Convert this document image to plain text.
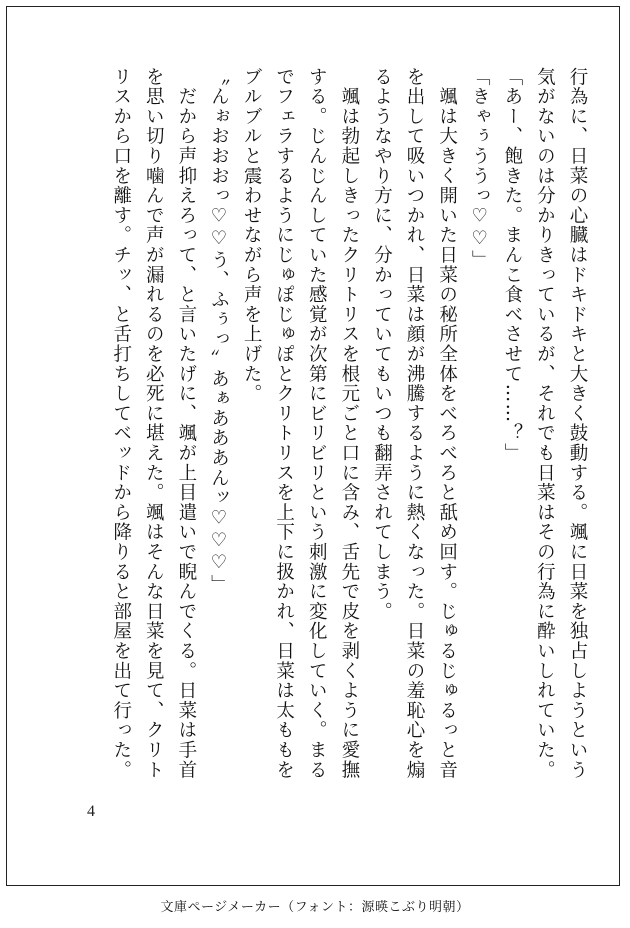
行為に、日菜の心臓はドキドキと大きく鼓動する。颯に日菜を独占しようという

気がないのは分かりきっているが、それでも日菜はその行為に酔いしれていた。

「あー、飽きた。まんこ食べさせて……？」

「きゃぅううっ♡♡」

　颯は大きく開いた日菜の秘所全体をべろべろと舐め回す。じゅるじゅるっと音

を出して吸いつかれ、日菜は顔が沸騰するように熱くなった。日菜の羞恥心を煽

るようなやり方に、分かっていてもいつも翻弄されてしまう。

　颯は勃起しきったクリトリスを根元ごと口に含み、舌先で皮を剥くように愛撫

する。じんじんしていた感覚が次第にビリビリという刺激に変化していく。まる

でフェラするようにじゅぽじゅぽとクリトリスを上下に扱かれ、日菜は太ももを

ブルブルと震わせながら声を上げた。

〝んぉおおおっ♡♡う、ふぅっ〞あぁあああんッ♡♡♡」

　だから声抑えろって、と言いたげに、颯が上目遣いで睨んでくる。日菜は手首

を思い切り噛んで声が漏れるのを必死に堪えた。颯はそんな日菜を見て、クリト

リスから口を離す。チッ、と舌打ちしてベッドから降りると部屋を出て行った。

4
文庫ページメーカー（フォント：源暎こぶり明朝）
